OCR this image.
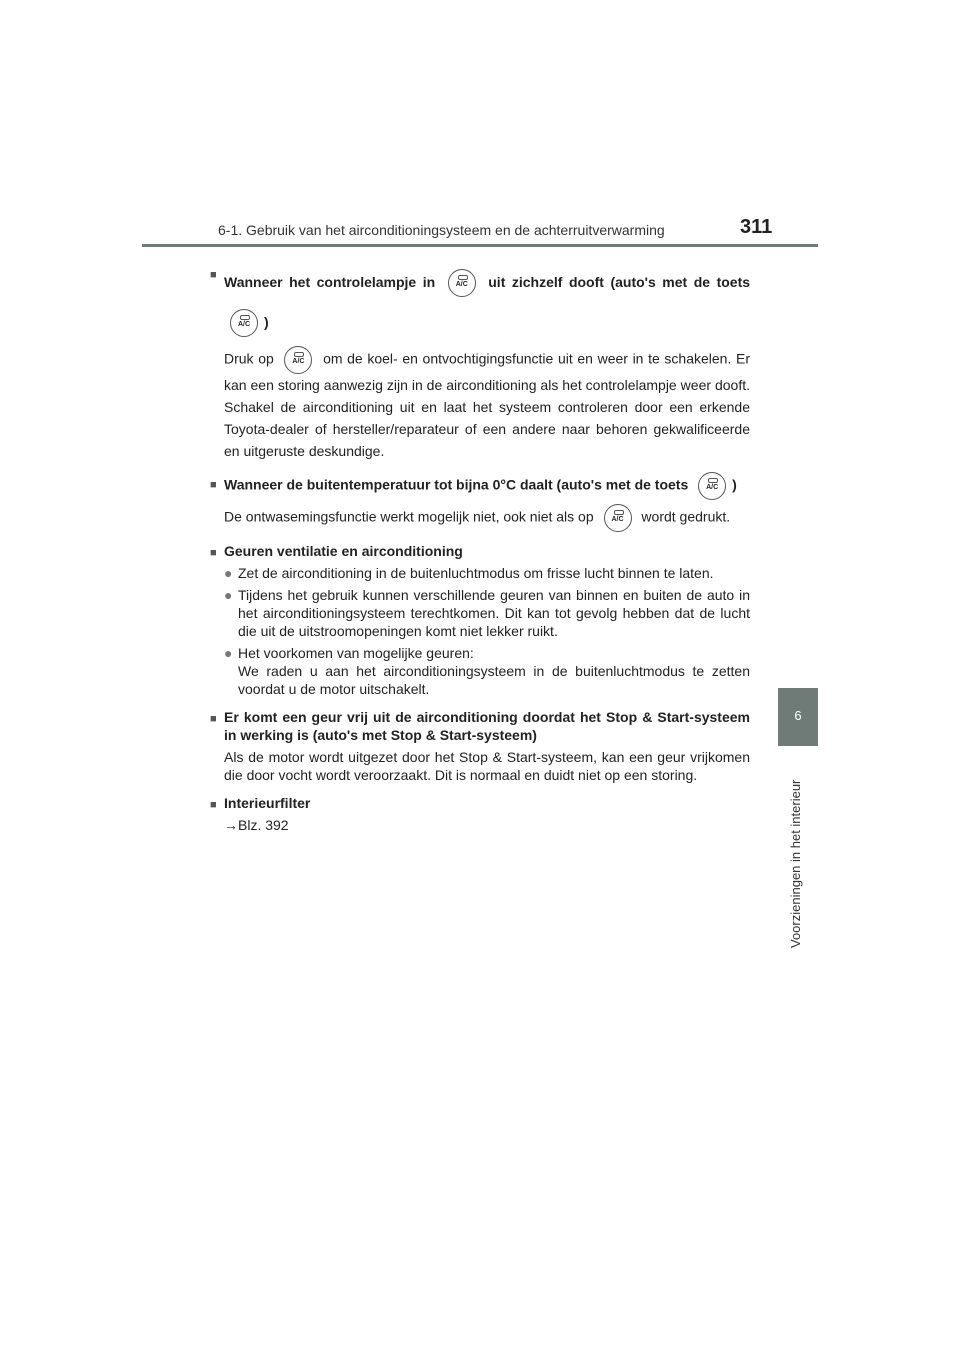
6-1. Gebruik van het airconditioningsysteem en de achterruitverwarming	311
6
Voorzieningen in het interieur
■ Wanneer het controlelampje in	A/C	uit zichzelf dooft (auto's met de toets
A/C )
Druk op	A/C	om de koel- en ontvochtigingsfunctie uit en weer in te schakelen. Er kan een storing aanwezig zijn in de airconditioning als het controlelampje weer dooft. Schakel de airconditioning uit en laat het systeem controleren door een erkende Toyota-dealer of hersteller/reparateur of een andere naar behoren gekwalificeerde en uitgeruste deskundige.
■ Wanneer de buitentemperatuur tot bijna 0°C daalt (auto's met de toets	A/C )
De ontwasemingsfunctie werkt mogelijk niet, ook niet als op	A/C	wordt gedrukt.
■ Geuren ventilatie en airconditioning
● Zet de airconditioning in de buitenluchtmodus om frisse lucht binnen te laten.
● Tijdens het gebruik kunnen verschillende geuren van binnen en buiten de auto in het airconditioningsysteem terechtkomen. Dit kan tot gevolg hebben dat de lucht die uit de uitstroomopeningen komt niet lekker ruikt.
● Het voorkomen van mogelijke geuren:
We raden u aan het airconditioningsysteem in de buitenluchtmodus te zetten voordat u de motor uitschakelt.
■ Er komt een geur vrij uit de airconditioning doordat het Stop & Start-systeem in werking is (auto's met Stop & Start-systeem)
Als de motor wordt uitgezet door het Stop & Start-systeem, kan een geur vrijkomen die door vocht wordt veroorzaakt. Dit is normaal en duidt niet op een storing.
■ Interieurfilter
→Blz. 392
